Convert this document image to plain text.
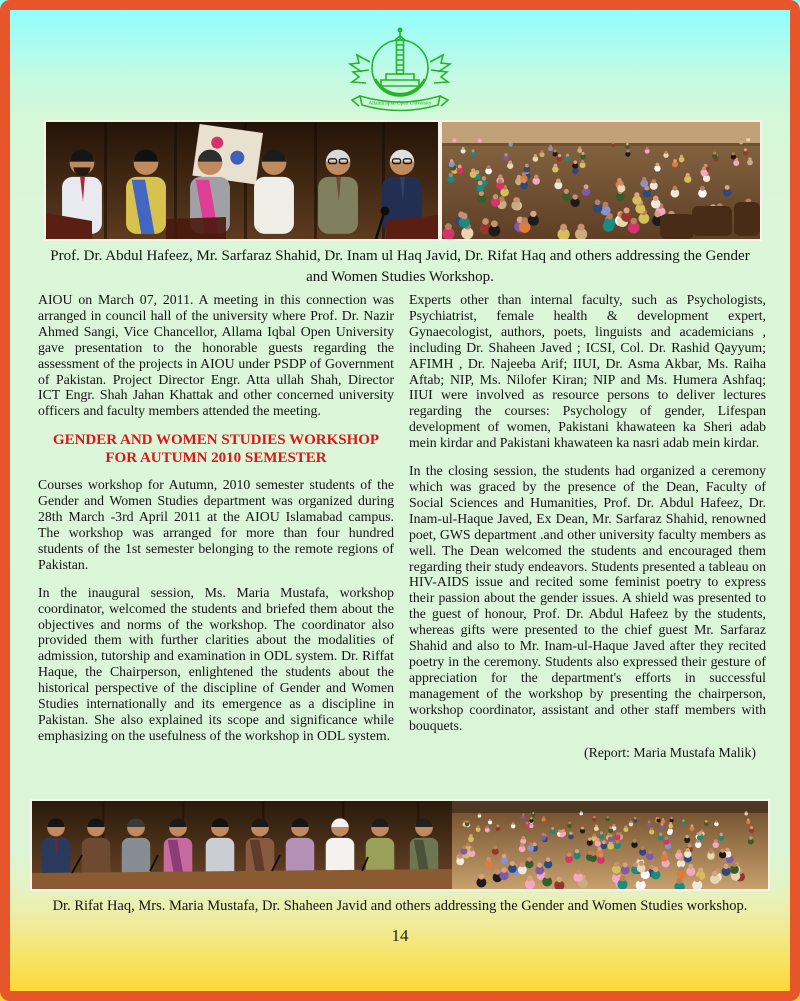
Allama Iqbal Open University
Prof. Dr. Abdul Hafeez, Mr. Sarfaraz Shahid, Dr. Inam ul Haq Javid, Dr. Rifat Haq and others addressing the Gender and Women Studies Workshop.

AIOU on March 07, 2011. A meeting in this connection was arranged in council hall of the university where Prof. Dr. Nazir Ahmed Sangi, Vice Chancellor, Allama Iqbal Open University gave presentation to the honorable guests regarding the assessment of the projects in AIOU under PSDP of Government of Pakistan. Project Director Engr. Atta ullah Shah, Director ICT Engr. Shah Jahan Khattak and other concerned university officers and faculty members attended the meeting.

GENDER AND WOMEN STUDIES WORKSHOP
FOR AUTUMN 2010 SEMESTER

Courses workshop for Autumn, 2010 semester students of the Gender and Women Studies department was organized during 28th March -3rd April 2011 at the AIOU Islamabad campus. The workshop was arranged for more than four hundred students of the 1st semester belonging to the remote regions of Pakistan.

In the inaugural session, Ms. Maria Mustafa, workshop coordinator, welcomed the students and briefed them about the objectives and norms of the workshop. The coordinator also provided them with further clarities about the modalities of admission, tutorship and examination in ODL system. Dr. Riffat Haque, the Chairperson, enlightened the students about the historical perspective of the discipline of Gender and Women Studies internationally and its emergence as a discipline in Pakistan. She also explained its scope and significance while emphasizing on the usefulness of the workshop in ODL system.

Experts other than internal faculty, such as Psychologists, Psychiatrist, female health & development expert, Gynaecologist, authors, poets, linguists and academicians , including Dr. Shaheen Javed ; ICSI, Col. Dr. Rashid Qayyum; AFIMH , Dr. Najeeba Arif; IIUI, Dr. Asma Akbar, Ms. Raiha Aftab; NIP, Ms. Nilofer Kiran; NIP and Ms. Humera Ashfaq; IIUI were involved as resource persons to deliver lectures regarding the courses: Psychology of gender, Lifespan development of women, Pakistani khawateen ka Sheri adab mein kirdar and Pakistani khawateen ka nasri adab mein kirdar.

In the closing session, the students had organized a ceremony which was graced by the presence of the Dean, Faculty of Social Sciences and Humanities, Prof. Dr. Abdul Hafeez, Dr. Inam-ul-Haque Javed, Ex Dean, Mr. Sarfaraz Shahid, renowned poet, GWS department .and other university faculty members as well. The Dean welcomed the students and encouraged them regarding their study endeavors. Students presented a tableau on HIV-AIDS issue and recited some feminist poetry to express their passion about the gender issues. A shield was presented to the guest of honour, Prof. Dr. Abdul Hafeez by the students, whereas gifts were presented to the chief guest Mr. Sarfaraz Shahid and also to Mr. Inam-ul-Haque Javed after they recited poetry in the ceremony. Students also expressed their gesture of appreciation for the department's efforts in successful management of the workshop by presenting the chairperson, workshop coordinator, assistant and other staff members with bouquets.

(Report: Maria Mustafa Malik)
Dr. Rifat Haq, Mrs. Maria Mustafa, Dr. Shaheen Javid and others addressing the Gender and Women Studies workshop.
14
